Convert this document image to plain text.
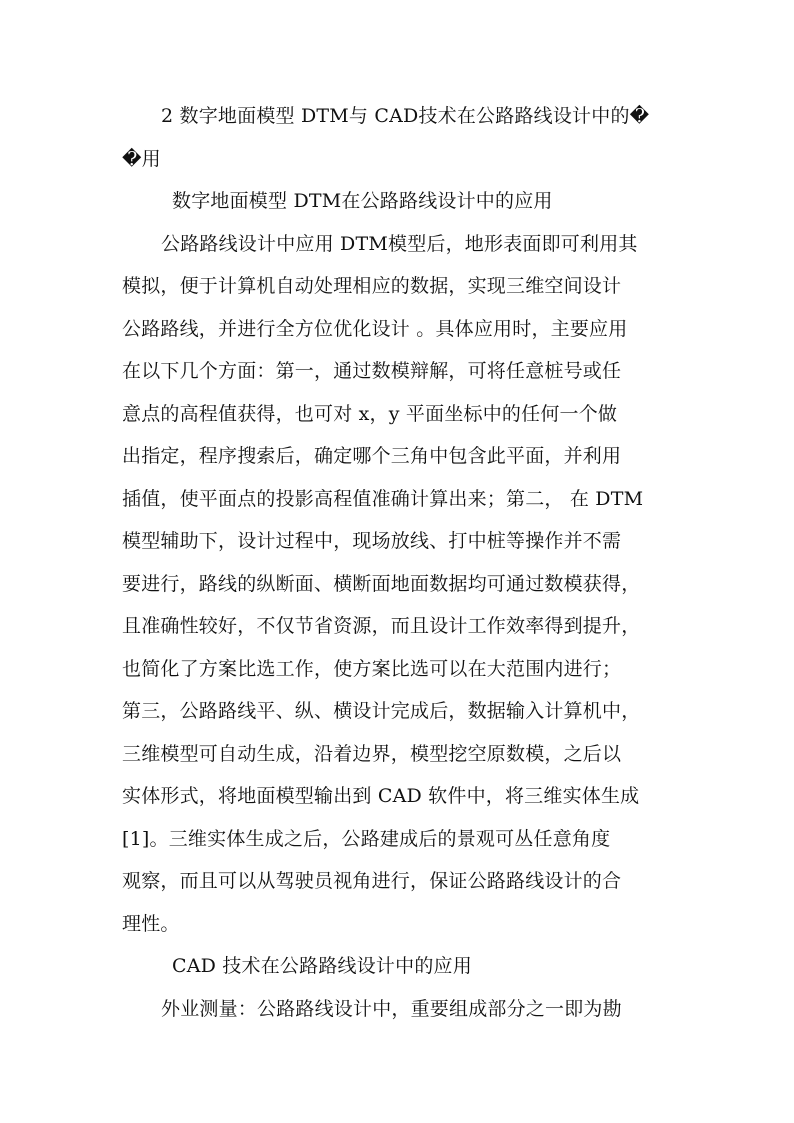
2 数字地面模型 DTM与 CAD技术在公路路线设计中的�

�用

数字地面模型 DTM在公路路线设计中的应用

公路路线设计中应用 DTM模型后，地形表面即可利用其

模拟，便于计算机自动处理相应的数据，实现三维空间设计

公路路线，并进行全方位优化设计 。具体应用时，主要应用

在以下几个方面：第一，通过数模辩解，可将任意桩号或任

意点的高程值获得，也可对 x，y 平面坐标中的任何一个做

出指定，程序搜索后，确定哪个三角中包含此平面，并利用

插值，使平面点的投影高程值准确计算出来；第二， 在 DTM

模型辅助下，设计过程中，现场放线、打中桩等操作并不需

要进行，路线的纵断面、横断面地面数据均可通过数模获得，

且准确性较好，不仅节省资源，而且设计工作效率得到提升，

也简化了方案比选工作，使方案比选可以在大范围内进行；

第三，公路路线平、纵、横设计完成后，数据输入计算机中，

三维模型可自动生成，沿着边界，模型挖空原数模，之后以

实体形式，将地面模型输出到 CAD 软件中，将三维实体生成

[1]。三维实体生成之后，公路建成后的景观可丛任意角度

观察，而且可以从驾驶员视角进行，保证公路路线设计的合

理性。

CAD 技术在公路路线设计中的应用

外业测量：公路路线设计中，重要组成部分之一即为勘
